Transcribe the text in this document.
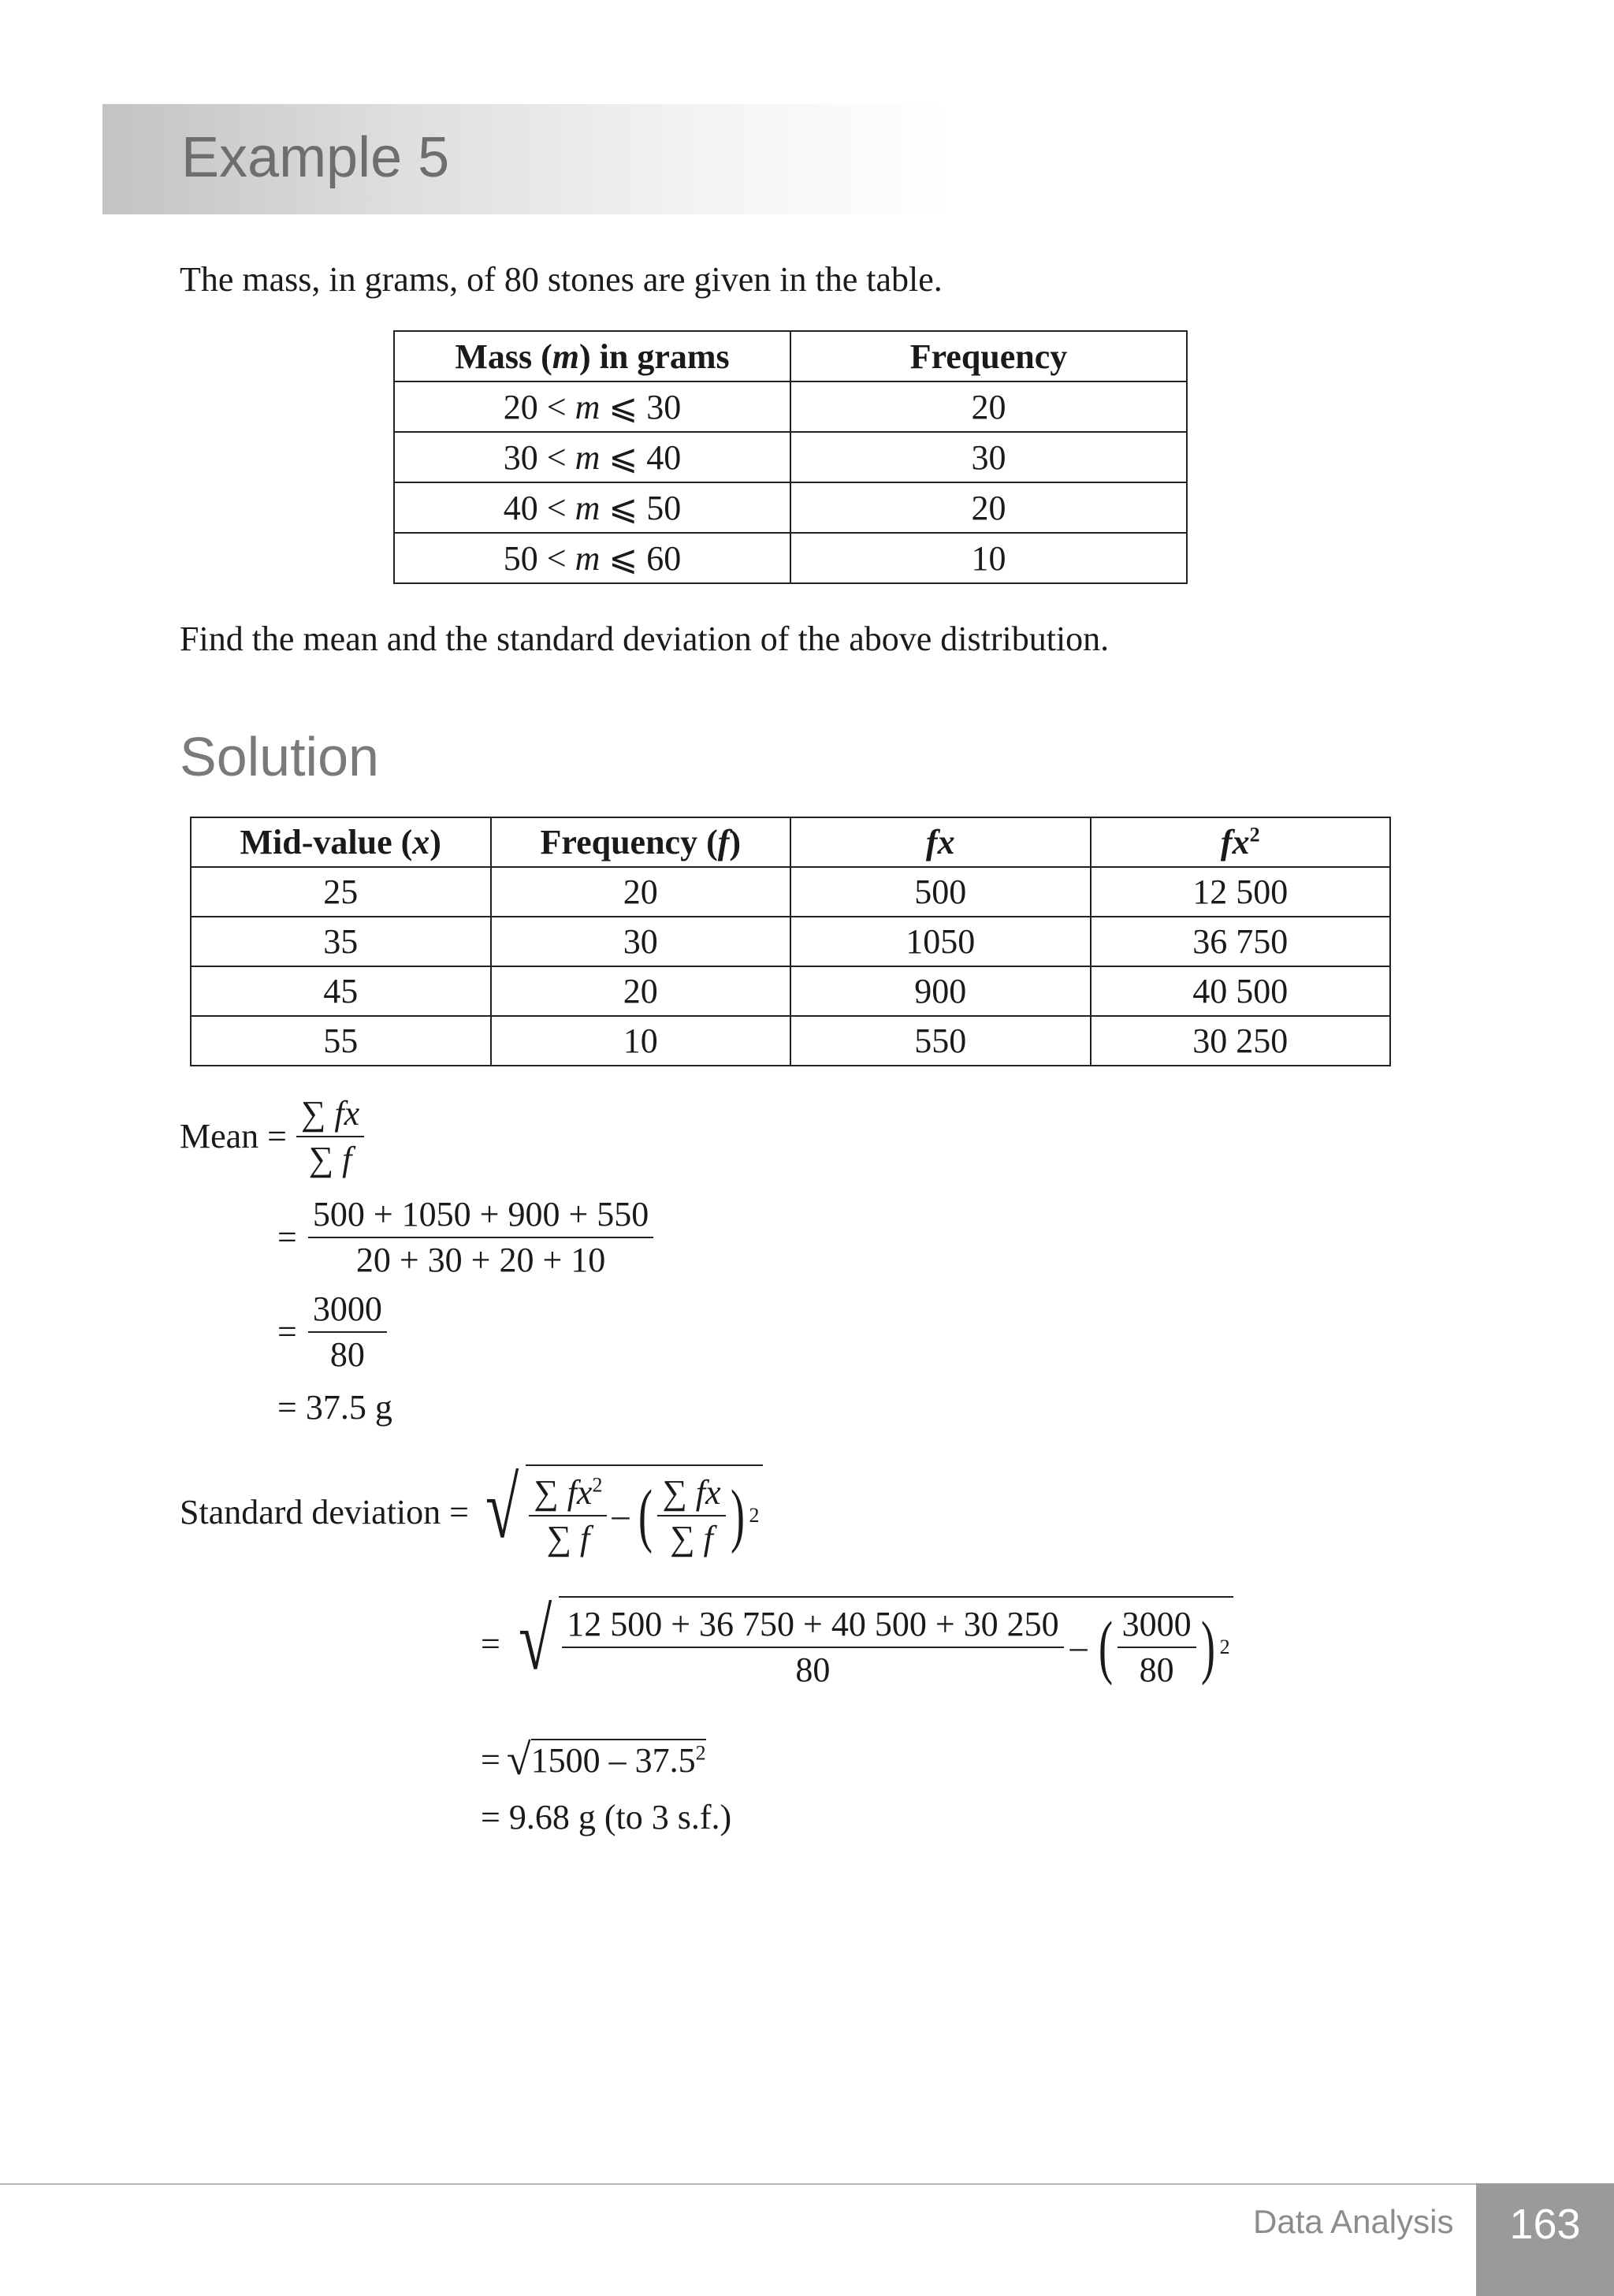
Example 5
The mass, in grams, of 80 stones are given in the table.
Mass (m) in grams	Frequency
20 < m ⩽ 30	20
30 < m ⩽ 40	30
40 < m ⩽ 50	20
50 < m ⩽ 60	10
Find the mean and the standard deviation of the above distribution.
Solution
Mid-value (x)	Frequency (f)	fx	$fx^2$
25	20	500	12 500
35	30	1050	36 750
45	20	900	40 500
55	10	550	30 250
Mean = $\frac{\sum fx}{\sum f}$
= $\frac{500 + 1050 + 900 + 550}{20 + 30 + 20 + 10}$
= $\frac{3000}{80}$
= 37.5 g
Standard deviation = √ $\frac{\sum fx^2}{\sum f}$ – ( $\frac{\sum fx}{\sum f}$ ) 2
= √ $\frac{12 500 + 36 750 + 40 500 + 30 250}{80}$ – ( $\frac{3000}{80}$ ) 2
= √ $1500 - 37.5^2$
= 9.68 g (to 3 s.f.)
Data Analysis 163
